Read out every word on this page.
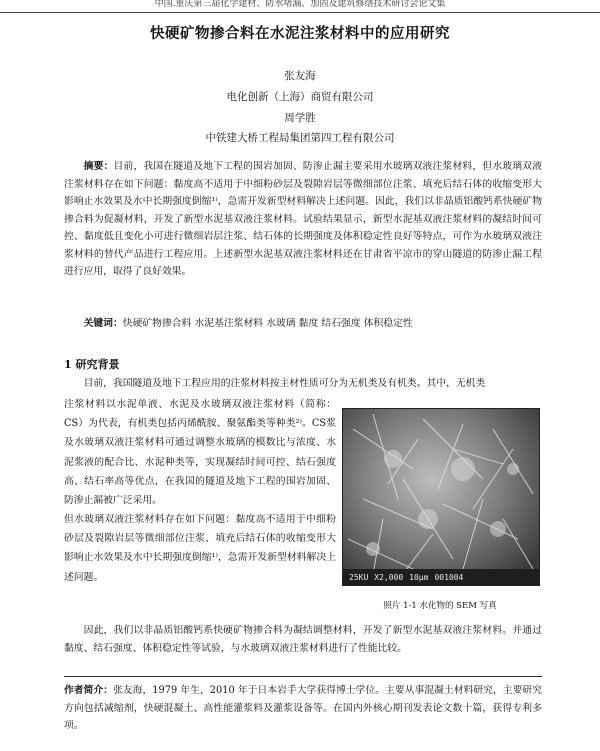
中国.重庆第三届化学建材、防水堵漏、加固及建筑修缮技术研讨会论文集
快硬矿物掺合料在水泥注浆材料中的应用研究
张友海
电化创新（上海）商贸有限公司
周学胜
中铁建大桥工程局集团第四工程有限公司
摘要：目前，我国在隧道及地下工程的围岩加固、防渗止漏主要采用水玻璃双液注浆材料，但水玻璃双液注浆材料存在如下问题：黏度高不适用于中细粉砂层及裂隙岩层等微细部位注浆、填充后结石体的收缩变形大影响止水效果及水中长期强度倒缩¹⁾，急需开发新型材料解决上述问题。因此，我们以非晶质铝酸钙系快硬矿物掺合料为促凝材料，开发了新型水泥基双液注浆材料。试验结果显示，新型水泥基双液注浆材料的凝结时间可控、黏度低且变化小可进行微细岩层注浆、结石体的长期强度及体积稳定性良好等特点，可作为水玻璃双液注浆材料的替代产品进行工程应用。上述新型水泥基双液注浆材料还在甘肃省平凉市的穿山隧道的防渗止漏工程进行应用，取得了良好效果。
关键词：快硬矿物掺合料 水泥基注浆材料 水玻璃 黏度 结石强度 体积稳定性
1 研究背景
目前，我国隧道及地下工程应用的注浆材料按主材性质可分为无机类及有机类。其中，无机类
注浆材料以水泥单液、水泥及水玻璃双液注浆材料（简称：CS）为代表，有机类包括丙烯酰胺、聚氨酯类等种类²⁾。CS浆及水玻璃双液注浆材料可通过调整水玻璃的模数比与浓度、水泥浆液的配合比、水泥种类等，实现凝结时间可控、结石强度高、结石率高等优点，在我国的隧道及地下工程的围岩加固、防渗止漏被广泛采用。
但水玻璃双液注浆材料存在如下问题：黏度高不适用于中细粉砂层及裂隙岩层等微细部位注浆、填充后结石体的收缩变形大影响止水效果及水中长期强度倒缩¹⁾，急需开发新型材料解决上述问题。	25KU X2,000 10μm 001004
照片 1-1 水化物的 SEM 写真
因此，我们以非晶质铝酸钙系快硬矿物掺合料为凝结调整材料，开发了新型水泥基双液注浆材料。并通过黏度、结石强度、体积稳定性等试验，与水玻璃双液注浆材料进行了性能比较。
作者简介：张友海，1979 年生，2010 年于日本岩手大学获得博士学位。主要从事混凝土材料研究，主要研究方向包括减缩剂，快硬混凝土、高性能灌浆料及灌浆设备等。在国内外核心期刊发表论文数十篇，获得专利多项。
